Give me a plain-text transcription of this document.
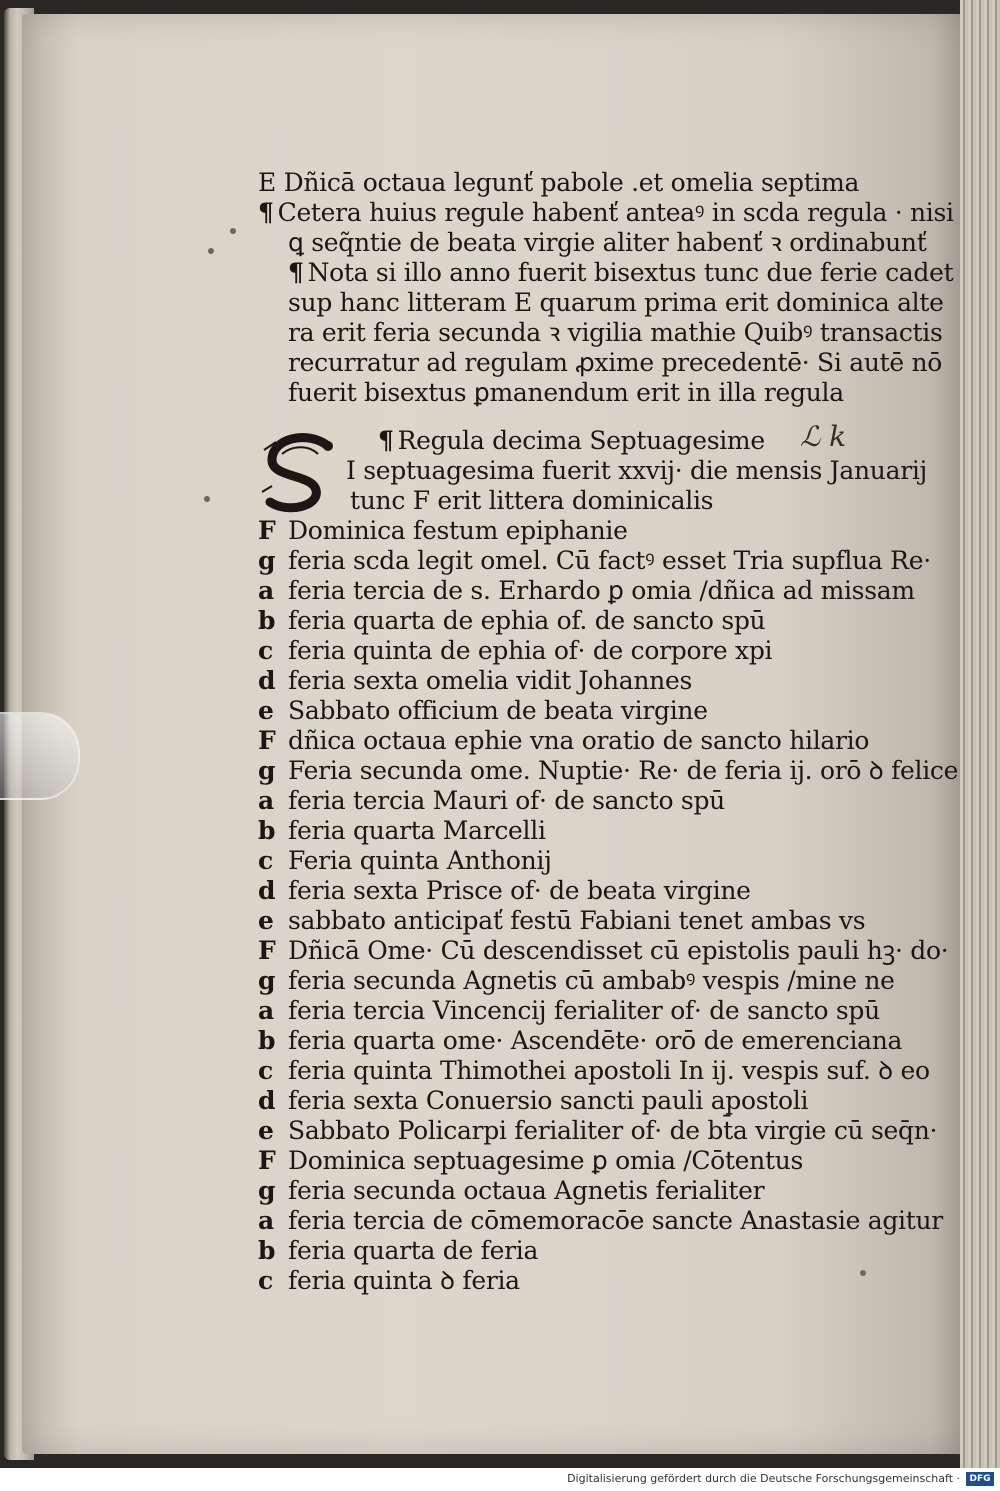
ℒ k
E Dñicā octaua legunť pabole .et omelia septima
¶ Cetera huius regule habenť anteaꝰ in scda regula · nisi
ꝗ seq̃ntie de beata virgie aliter habenť ꝛ ordinabunť
¶ Nota si illo anno fuerit bisextus tunc due ferie cadet
sup hanc litteram E quarum prima erit dominica alte
ra erit feria secunda ꝛ vigilia mathie Quibꝰ transactis
recurratur ad regulam ꝓxime precedentē· Si autē nō
fuerit bisextus ꝑmanendum erit in illa regula
¶ Regula decima Septuagesime
I septuagesima fuerit xxvij· die mensis Januarij
tunc F erit littera dominicalis
F Dominica festum epiphanie
g feria scda legit omel. Cū factꝰ esset Tria supflua Re·
a feria tercia de s. Erhardo ꝑ omia /dñica ad missam
b feria quarta de ephia of. de sancto spū
c feria quinta de ephia of· de corpore xpi
d feria sexta omelia vidit Johannes
e Sabbato officium de beata virgine
F dñica octaua ephie vna oratio de sancto hilario
g Feria secunda ome. Nuptie· Re· de feria ij. orō ꝺ felice
a feria tercia Mauri of· de sancto spū
b feria quarta Marcelli
c Feria quinta Anthonij
d feria sexta Prisce of· de beata virgine
e sabbato anticipať festū Fabiani tenet ambas vs
F Dñicā Ome· Cū descendisset cū epistolis pauli hꝫ· do·
g feria secunda Agnetis cū ambabꝰ vespis /mine ne
a feria tercia Vincencij ferialiter of· de sancto spū
b feria quarta ome· Ascendēte· orō de emerenciana
c feria quinta Thimothei apostoli In ij. vespis suf. ꝺ eo
d feria sexta Conuersio sancti pauli apostoli
e Sabbato Policarpi ferialiter of· de bt̄a virgie cū seq̄n·
F Dominica septuagesime ꝑ omia /Cōtentus
g feria secunda octaua Agnetis ferialiter
a feria tercia de cōmemoracōe sancte Anastasie agitur
b feria quarta de feria
c feria quinta ꝺ feria
Digitalisierung gefördert durch die Deutsche Forschungsgemeinschaft ·	DFG
